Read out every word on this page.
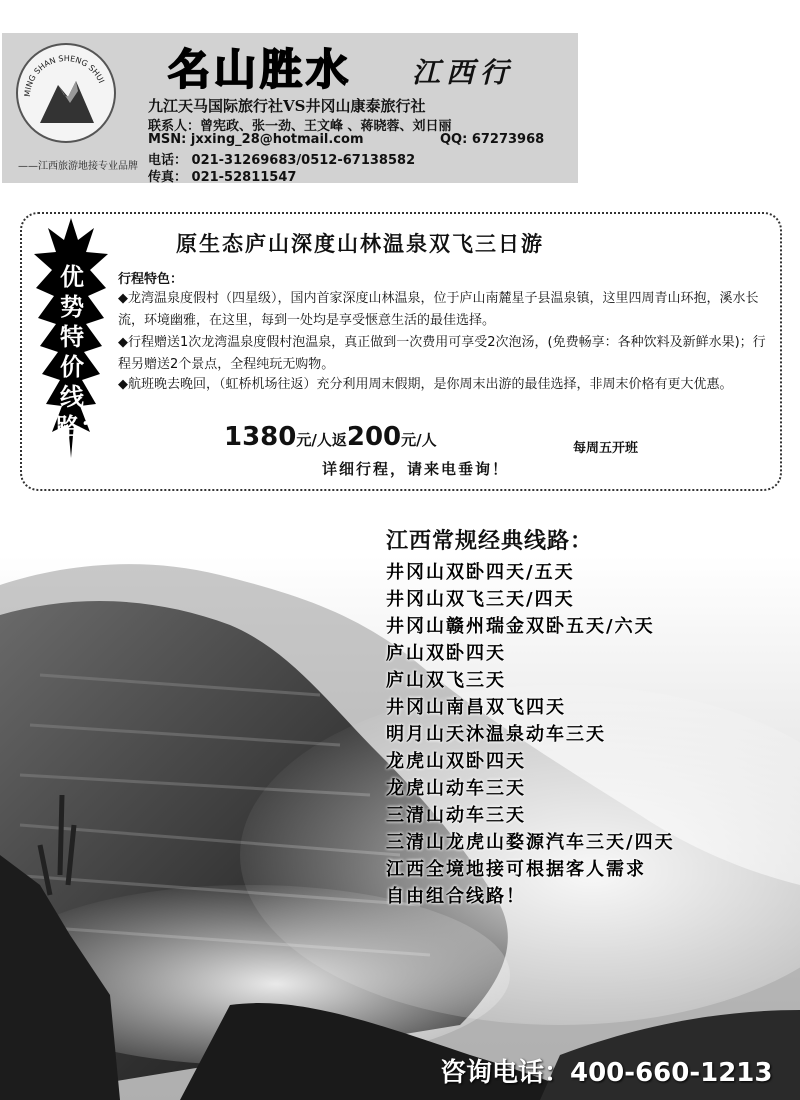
MING SHAN SHENG SHUI
——江西旅游地接专业品牌
名山胜水 江西行
九江天马国际旅行社VS井冈山康泰旅行社
联系人：曾宪政、张一劲、王文峰 、蒋晓蓉、刘日丽
MSN: jxxing_28@hotmail.com	QQ: 67273968
电话： 021-31269683/0512-67138582
传真： 021-52811547
优势特价线路：
原生态庐山深度山林温泉双飞三日游
行程特色：
◆龙湾温泉度假村（四星级），国内首家深度山林温泉，位于庐山南麓星子县温泉镇，这里四周青山环抱，溪水长流，环境幽雅，在这里，每到一处均是享受惬意生活的最佳选择。
◆行程赠送1次龙湾温泉度假村泡温泉，真正做到一次费用可享受2次泡汤，(免费畅享：各种饮料及新鲜水果)；行程另赠送2个景点，全程纯玩无购物。
◆航班晚去晚回，（虹桥机场往返）充分利用周末假期，是你周末出游的最佳选择，非周末价格有更大优惠。
1380元/人返200元/人	每周五开班
详细行程，请来电垂询！
江西常规经典线路：
井冈山双卧四天/五天
井冈山双飞三天/四天
井冈山赣州瑞金双卧五天/六天
庐山双卧四天
庐山双飞三天
井冈山南昌双飞四天
明月山天沐温泉动车三天
龙虎山双卧四天
龙虎山动车三天
三清山动车三天
三清山龙虎山婺源汽车三天/四天
江西全境地接可根据客人需求
自由组合线路！
咨询电话：400-660-1213
